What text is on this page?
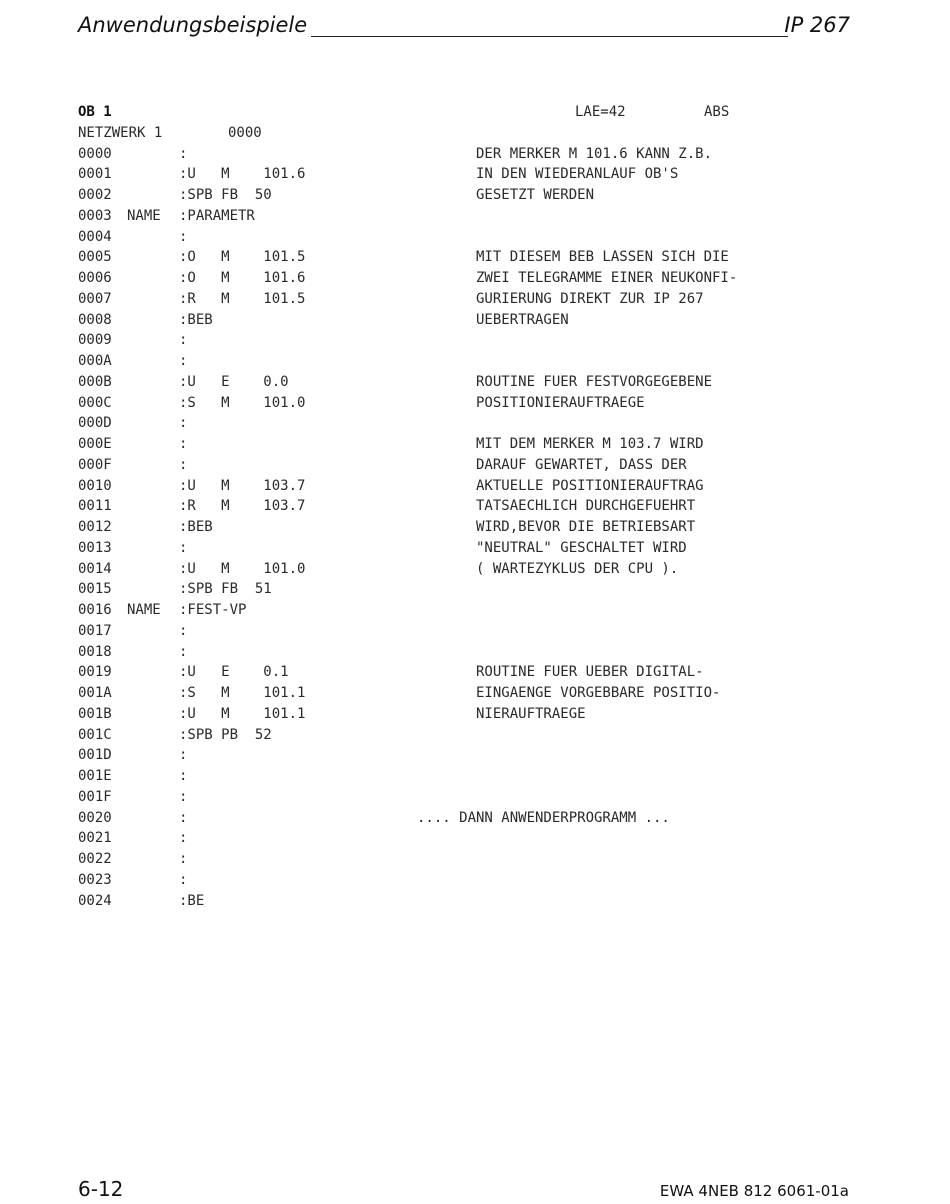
Anwendungsbeispiele	IP 267

OB 1

	LAE=42

	ABS

NETZWERK 1

	0000

0000	:	DER MERKER M 101.6 KANN Z.B.
0001	:U   M    101.6	IN DEN WIEDERANLAUF OB'S
0002	:SPB FB  50	GESETZT WERDEN
0003 NAME :PARAMETR
0004	:
0005	:O   M    101.5	MIT DIESEM BEB LASSEN SICH DIE
0006	:O   M    101.6	ZWEI TELEGRAMME EINER NEUKONFI-
0007	:R   M    101.5	GURIERUNG DIREKT ZUR IP 267
0008	:BEB	UEBERTRAGEN
0009	:
000A	:
000B	:U   E    0.0	ROUTINE FUER FESTVORGEGEBENE
000C	:S   M    101.0	POSITIONIERAUFTRAEGE
000D	:
000E	:	MIT DEM MERKER M 103.7 WIRD
000F	:	DARAUF GEWARTET, DASS DER
0010	:U   M    103.7	AKTUELLE POSITIONIERAUFTRAG
0011	:R   M    103.7	TATSAECHLICH DURCHGEFUEHRT
0012	:BEB	WIRD,BEVOR DIE BETRIEBSART
0013	:	"NEUTRAL" GESCHALTET WIRD
0014	:U   M    101.0	( WARTEZYKLUS DER CPU ).
0015	:SPB FB  51
0016 NAME :FEST-VP
0017	:
0018	:
0019	:U   E    0.1	ROUTINE FUER UEBER DIGITAL-
001A	:S   M    101.1	EINGAENGE VORGEBBARE POSITIO-
001B	:U   M    101.1	NIERAUFTRAEGE
001C	:SPB PB  52
001D	:
001E	:
001F	:
0020	:	.... DANN ANWENDERPROGRAMM ...
0021	:
0022	:
0023	:
0024	:BE
6-12	EWA 4NEB 812 6061-01a
